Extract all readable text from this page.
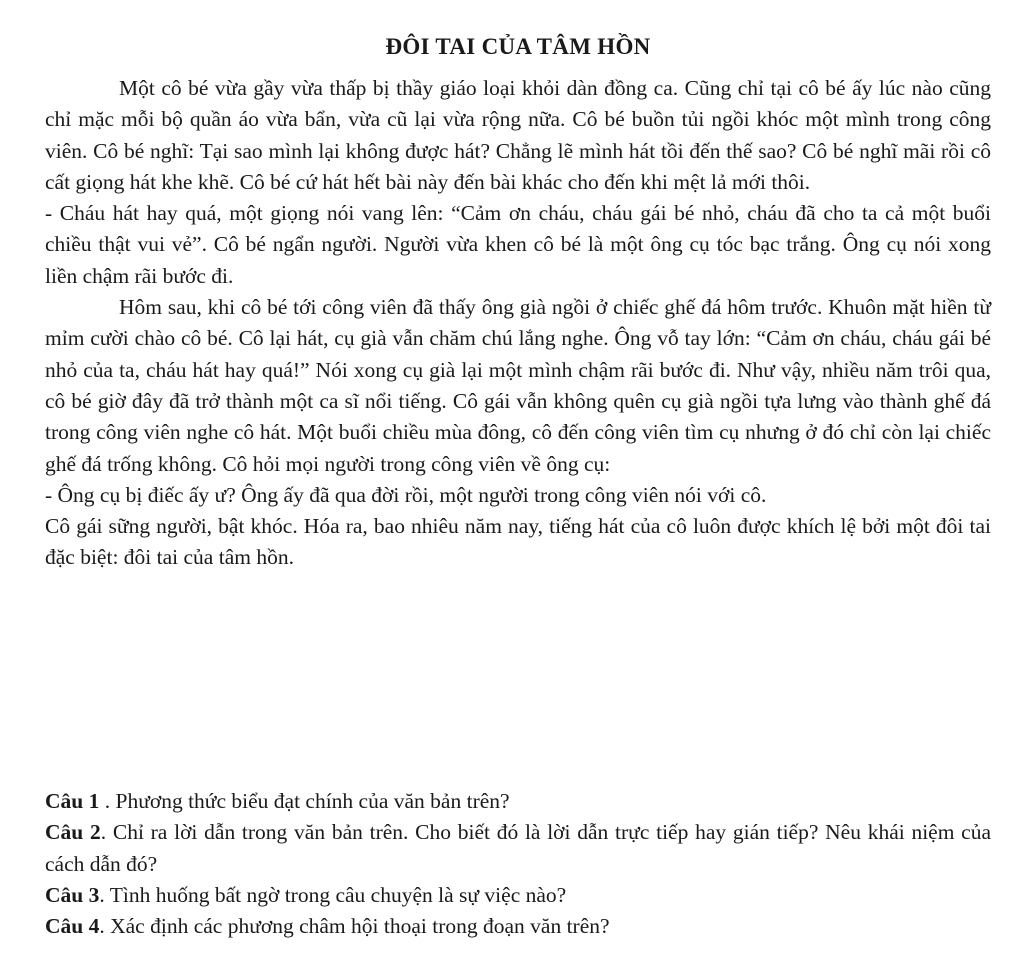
ĐÔI TAI CỦA TÂM HỒN

Một cô bé vừa gầy vừa thấp bị thầy giáo loại khỏi dàn đồng ca. Cũng chỉ tại cô bé ấy lúc nào cũng chỉ mặc mỗi bộ quần áo vừa bẩn, vừa cũ lại vừa rộng nữa. Cô bé buồn tủi ngồi khóc một mình trong công viên. Cô bé nghĩ: Tại sao mình lại không được hát? Chẳng lẽ mình hát tồi đến thế sao? Cô bé nghĩ mãi rồi cô cất giọng hát khe khẽ. Cô bé cứ hát hết bài này đến bài khác cho đến khi mệt lả mới thôi.

- Cháu hát hay quá, một giọng nói vang lên: “Cảm ơn cháu, cháu gái bé nhỏ, cháu đã cho ta cả một buổi chiều thật vui vẻ”. Cô bé ngẩn người. Người vừa khen cô bé là một ông cụ tóc bạc trắng. Ông cụ nói xong liền chậm rãi bước đi.

Hôm sau, khi cô bé tới công viên đã thấy ông già ngồi ở chiếc ghế đá hôm trước. Khuôn mặt hiền từ mỉm cười chào cô bé. Cô lại hát, cụ già vẫn chăm chú lắng nghe. Ông vỗ tay lớn: “Cảm ơn cháu, cháu gái bé nhỏ của ta, cháu hát hay quá!” Nói xong cụ già lại một mình chậm rãi bước đi. Như vậy, nhiều năm trôi qua, cô bé giờ đây đã trở thành một ca sĩ nổi tiếng. Cô gái vẫn không quên cụ già ngồi tựa lưng vào thành ghế đá trong công viên nghe cô hát. Một buổi chiều mùa đông, cô đến công viên tìm cụ nhưng ở đó chỉ còn lại chiếc ghế đá trống không. Cô hỏi mọi người trong công viên về ông cụ:

- Ông cụ bị điếc ấy ư? Ông ấy đã qua đời rồi, một người trong công viên nói với cô.

Cô gái sững người, bật khóc. Hóa ra, bao nhiêu năm nay, tiếng hát của cô luôn được khích lệ bởi một đôi tai đặc biệt: đôi tai của tâm hồn.

Câu 1 . Phương thức biểu đạt chính của văn bản trên?

Câu 2. Chỉ ra lời dẫn trong văn bản trên. Cho biết đó là lời dẫn trực tiếp hay gián tiếp? Nêu khái niệm của cách dẫn đó?

Câu 3. Tình huống bất ngờ trong câu chuyện là sự việc nào?

Câu 4. Xác định các phương châm hội thoại trong đoạn văn trên?
